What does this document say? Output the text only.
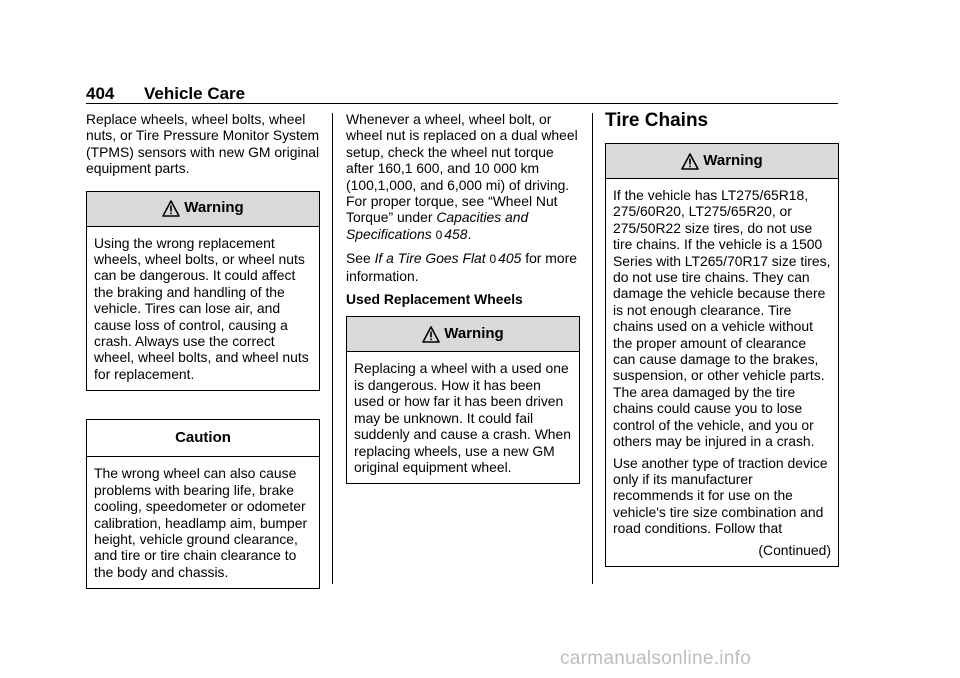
404 Vehicle Care

Replace wheels, wheel bolts, wheel nuts, or Tire Pressure Monitor System (TPMS) sensors with new GM original equipment parts.

Warning

Using the wrong replacement wheels, wheel bolts, or wheel nuts can be dangerous. It could affect the braking and handling of the vehicle. Tires can lose air, and cause loss of control, causing a crash. Always use the correct wheel, wheel bolts, and wheel nuts for replacement.

Caution

The wrong wheel can also cause problems with bearing life, brake cooling, speedometer or odometer calibration, headlamp aim, bumper height, vehicle ground clearance, and tire or tire chain clearance to the body and chassis.

Whenever a wheel, wheel bolt, or wheel nut is replaced on a dual wheel setup, check the wheel nut torque after 160,1 600, and 10 000 km (100,1,000, and 6,000 mi) of driving. For proper torque, see “Wheel Nut Torque” under Capacities and Specifications 0 458.

See If a Tire Goes Flat 0 405 for more information.

Used Replacement Wheels

Warning

Replacing a wheel with a used one is dangerous. How it has been used or how far it has been driven may be unknown. It could fail suddenly and cause a crash. When replacing wheels, use a new GM original equipment wheel.

Tire Chains
Warning

If the vehicle has LT275/65R18, 275/60R20, LT275/65R20, or 275/50R22 size tires, do not use tire chains. If the vehicle is a 1500 Series with LT265/70R17 size tires, do not use tire chains. They can damage the vehicle because there is not enough clearance. Tire chains used on a vehicle without the proper amount of clearance can cause damage to the brakes, suspension, or other vehicle parts. The area damaged by the tire chains could cause you to lose control of the vehicle, and you or others may be injured in a crash.

Use another type of traction device only if its manufacturer recommends it for use on the vehicle's tire size combination and road conditions. Follow that

(Continued)
carmanualsonline.info
